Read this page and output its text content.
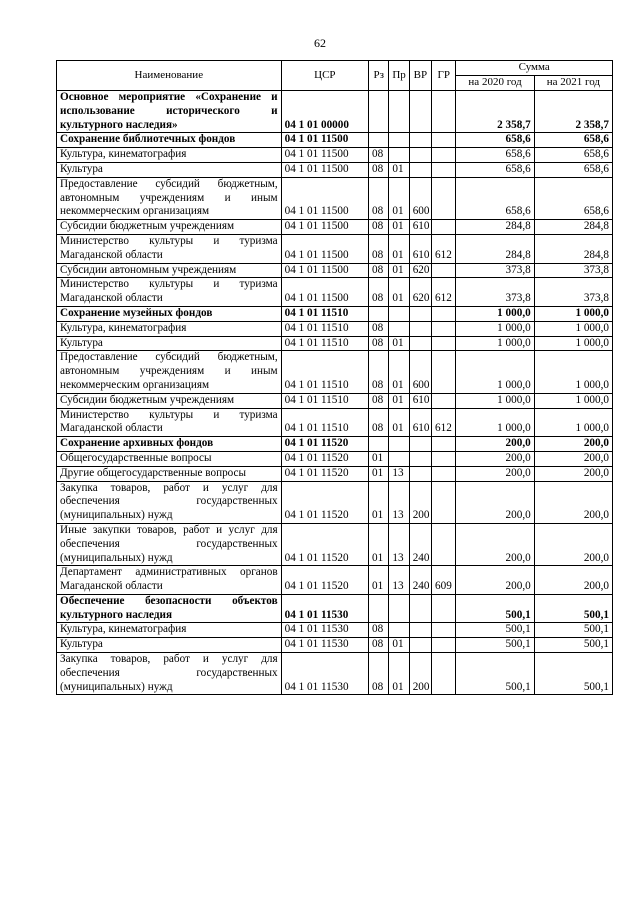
62
Наименование	ЦСР	Рз	Пр	ВР	ГР	Сумма	
						на 2020 год	на 2021 год
Основное мероприятие «Сохранение и использование исторического и культурного наследия»	04 1 01 00000					2 358,7	2 358,7
Сохранение библиотечных фондов	04 1 01 11500					658,6	658,6
Культура, кинематография	04 1 01 11500	08				658,6	658,6
Культура	04 1 01 11500	08	01			658,6	658,6
Предоставление субсидий бюджетным, автономным учреждениям и иным некоммерческим организациям	04 1 01 11500	08	01	600		658,6	658,6
Субсидии бюджетным учреждениям	04 1 01 11500	08	01	610		284,8	284,8
Министерство культуры и туризма Магаданской области	04 1 01 11500	08	01	610	612	284,8	284,8
Субсидии автономным учреждениям	04 1 01 11500	08	01	620		373,8	373,8
Министерство культуры и туризма Магаданской области	04 1 01 11500	08	01	620	612	373,8	373,8
Сохранение музейных фондов	04 1 01 11510					1 000,0	1 000,0
Культура, кинематография	04 1 01 11510	08				1 000,0	1 000,0
Культура	04 1 01 11510	08	01			1 000,0	1 000,0
Предоставление субсидий бюджетным, автономным учреждениям и иным некоммерческим организациям	04 1 01 11510	08	01	600		1 000,0	1 000,0
Субсидии бюджетным учреждениям	04 1 01 11510	08	01	610		1 000,0	1 000,0
Министерство культуры и туризма Магаданской области	04 1 01 11510	08	01	610	612	1 000,0	1 000,0
Сохранение архивных фондов	04 1 01 11520					200,0	200,0
Общегосударственные вопросы	04 1 01 11520	01				200,0	200,0
Другие общегосударственные вопросы	04 1 01 11520	01	13			200,0	200,0
Закупка товаров, работ и услуг для обеспечения государственных (муниципальных) нужд	04 1 01 11520	01	13	200		200,0	200,0
Иные закупки товаров, работ и услуг для обеспечения государственных (муниципальных) нужд	04 1 01 11520	01	13	240		200,0	200,0
Департамент административных органов Магаданской области	04 1 01 11520	01	13	240	609	200,0	200,0
Обеспечение безопасности объектов культурного наследия	04 1 01 11530					500,1	500,1
Культура, кинематография	04 1 01 11530	08				500,1	500,1
Культура	04 1 01 11530	08	01			500,1	500,1
Закупка товаров, работ и услуг для обеспечения государственных (муниципальных) нужд	04 1 01 11530	08	01	200		500,1	500,1
